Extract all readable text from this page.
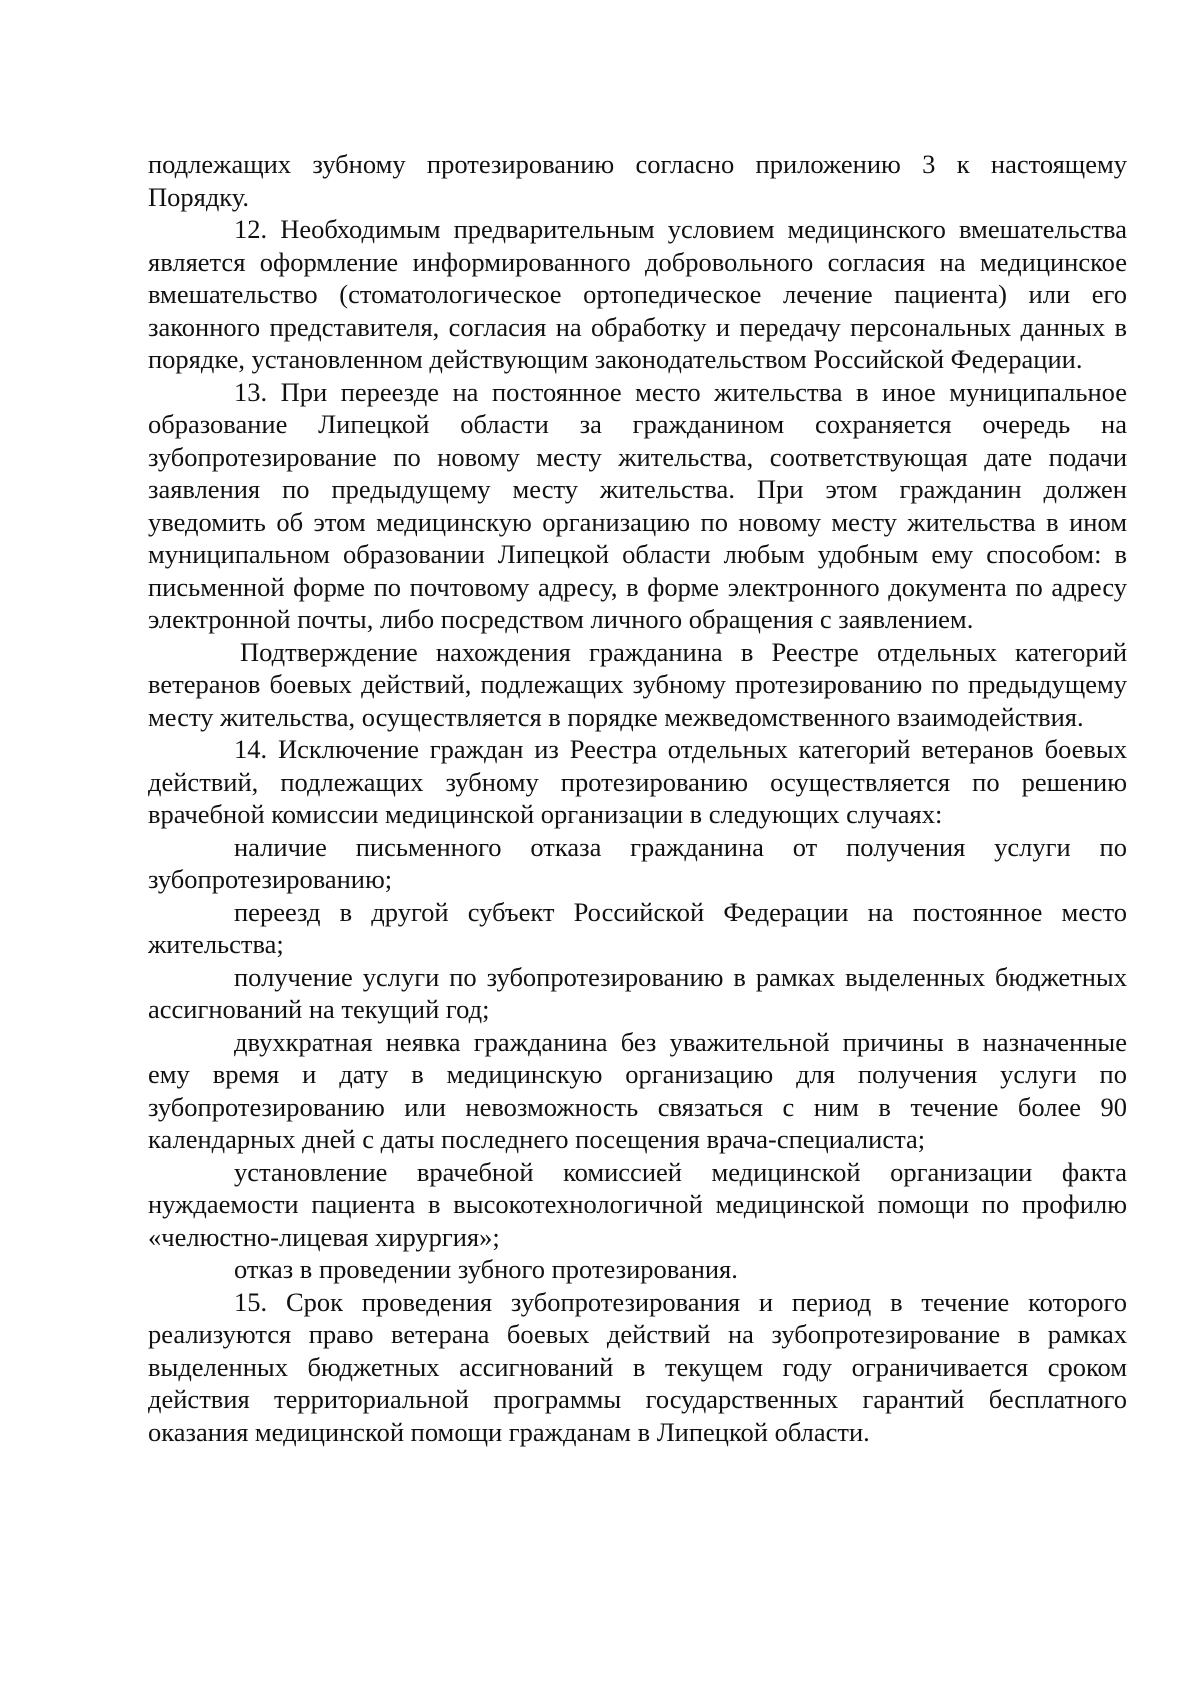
подлежащих зубному протезированию согласно приложению 3 к настоящему Порядку.

12. Необходимым предварительным условием медицинского вмешательства является оформление информированного добровольного согласия на медицинское вмешательство (стоматологическое ортопедическое лечение пациента) или его законного представителя, согласия на обработку и передачу персональных данных в порядке, установленном действующим законодательством Российской Федерации.

13. При переезде на постоянное место жительства в иное муниципальное образование Липецкой области за гражданином сохраняется очередь на зубопротезирование по новому месту жительства, соответствующая дате подачи заявления по предыдущему месту жительства. При этом гражданин должен уведомить об этом медицинскую организацию по новому месту жительства в ином муниципальном образовании Липецкой области любым удобным ему способом: в письменной форме по почтовому адресу, в форме электронного документа по адресу электронной почты, либо посредством личного обращения с заявлением.

Подтверждение нахождения гражданина в Реестре отдельных категорий ветеранов боевых действий, подлежащих зубному протезированию по предыдущему месту жительства, осуществляется в порядке межведомственного взаимодействия.

14. Исключение граждан из Реестра отдельных категорий ветеранов боевых действий, подлежащих зубному протезированию осуществляется по решению врачебной комиссии медицинской организации в следующих случаях:

наличие письменного отказа гражданина от получения услуги по зубопротезированию;

переезд в другой субъект Российской Федерации на постоянное место жительства;

получение услуги по зубопротезированию в рамках выделенных бюджетных ассигнований на текущий год;

двухкратная неявка гражданина без уважительной причины в назначенные ему время и дату в медицинскую организацию для получения услуги по зубопротезированию или невозможность связаться с ним в течение более 90 календарных дней с даты последнего посещения врача-специалиста;

установление врачебной комиссией медицинской организации факта нуждаемости пациента в высокотехнологичной медицинской помощи по профилю «челюстно-лицевая хирургия»;

отказ в проведении зубного протезирования.

15. Срок проведения зубопротезирования и период в течение которого реализуются право ветерана боевых действий на зубопротезирование в рамках выделенных бюджетных ассигнований в текущем году ограничивается сроком действия территориальной программы государственных гарантий бесплатного оказания медицинской помощи гражданам в Липецкой области.
